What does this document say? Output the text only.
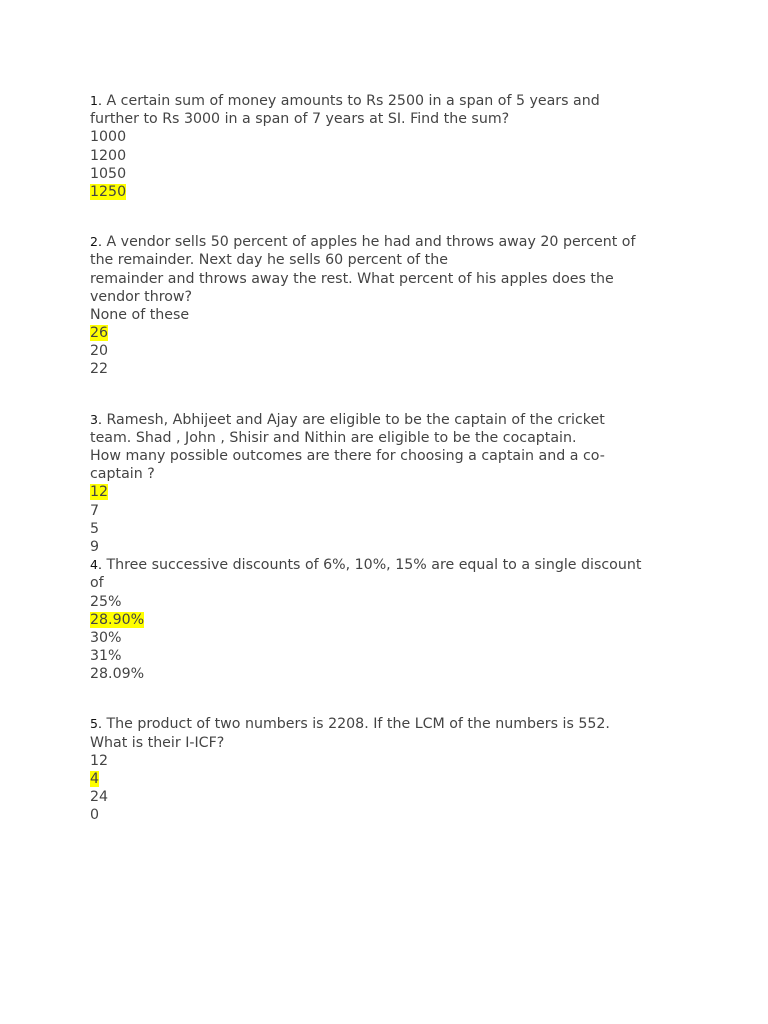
1. A certain sum of money amounts to Rs 2500 in a span of 5 years and
further to Rs 3000 in a span of 7 years at SI. Find the sum?
1000
1200
1050
1250
2. A vendor sells 50 percent of apples he had and throws away 20 percent of
the remainder. Next day he sells 60 percent of the
remainder and throws away the rest. What percent of his apples does the
vendor throw?
None of these
26
20
22
3. Ramesh, Abhijeet and Ajay are eligible to be the captain of the cricket
team. Shad , John , Shisir and Nithin are eligible to be the cocaptain.
How many possible outcomes are there for choosing a captain and a co-
captain ?
12
7
5
9
4. Three successive discounts of 6%, 10%, 15% are equal to a single discount
of
25%
28.90%
30%
31%
28.09%
5. The product of two numbers is 2208. If the LCM of the numbers is 552.
What is their I-ICF?
12
4
24
0
